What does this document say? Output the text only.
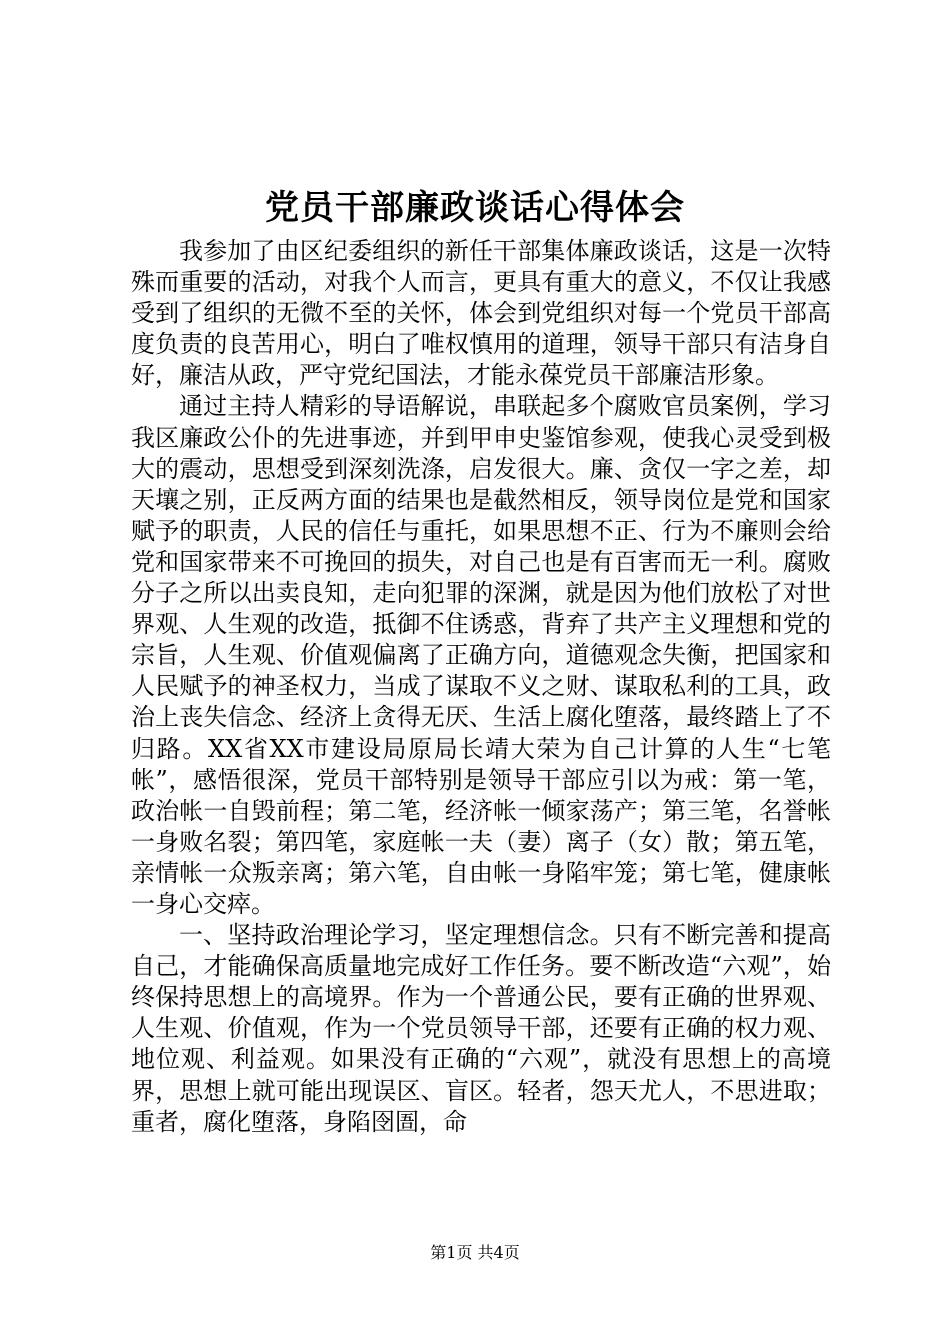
党员干部廉政谈话心得体会

我参加了由区纪委组织的新任干部集体廉政谈话，这是一次特殊而重要的活动，对我个人而言，更具有重大的意义，不仅让我感受到了组织的无微不至的关怀，体会到党组织对每一个党员干部高度负责的良苦用心，明白了唯权慎用的道理，领导干部只有洁身自好，廉洁从政，严守党纪国法，才能永葆党员干部廉洁形象。

通过主持人精彩的导语解说，串联起多个腐败官员案例，学习我区廉政公仆的先进事迹，并到甲申史鉴馆参观，使我心灵受到极大的震动，思想受到深刻洗涤，启发很大。廉、贪仅一字之差，却天壤之别，正反两方面的结果也是截然相反，领导岗位是党和国家赋予的职责，人民的信任与重托，如果思想不正、行为不廉则会给党和国家带来不可挽回的损失，对自己也是有百害而无一利。腐败分子之所以出卖良知，走向犯罪的深渊，就是因为他们放松了对世界观、人生观的改造，抵御不住诱惑，背弃了共产主义理想和党的宗旨，人生观、价值观偏离了正确方向，道德观念失衡，把国家和人民赋予的神圣权力，当成了谋取不义之财、谋取私利的工具，政治上丧失信念、经济上贪得无厌、生活上腐化堕落，最终踏上了不归路。XX省XX市建设局原局长靖大荣为自己计算的人生“七笔帐”，感悟很深，党员干部特别是领导干部应引以为戒：第一笔，政治帐一自毁前程；第二笔，经济帐一倾家荡产；第三笔，名誉帐一身败名裂；第四笔，家庭帐一夫（妻）离子（女）散；第五笔，亲情帐一众叛亲离；第六笔，自由帐一身陷牢笼；第七笔，健康帐一身心交瘁。

一、坚持政治理论学习，坚定理想信念。只有不断完善和提高自己，才能确保高质量地完成好工作任务。要不断改造“六观”，始终保持思想上的高境界。作为一个普通公民，要有正确的世界观、人生观、价值观，作为一个党员领导干部，还要有正确的权力观、地位观、利益观。如果没有正确的“六观”，就没有思想上的高境界，思想上就可能出现误区、盲区。轻者，怨天尤人，不思进取；重者，腐化堕落，身陷囹圄，命

第1页 共4页
